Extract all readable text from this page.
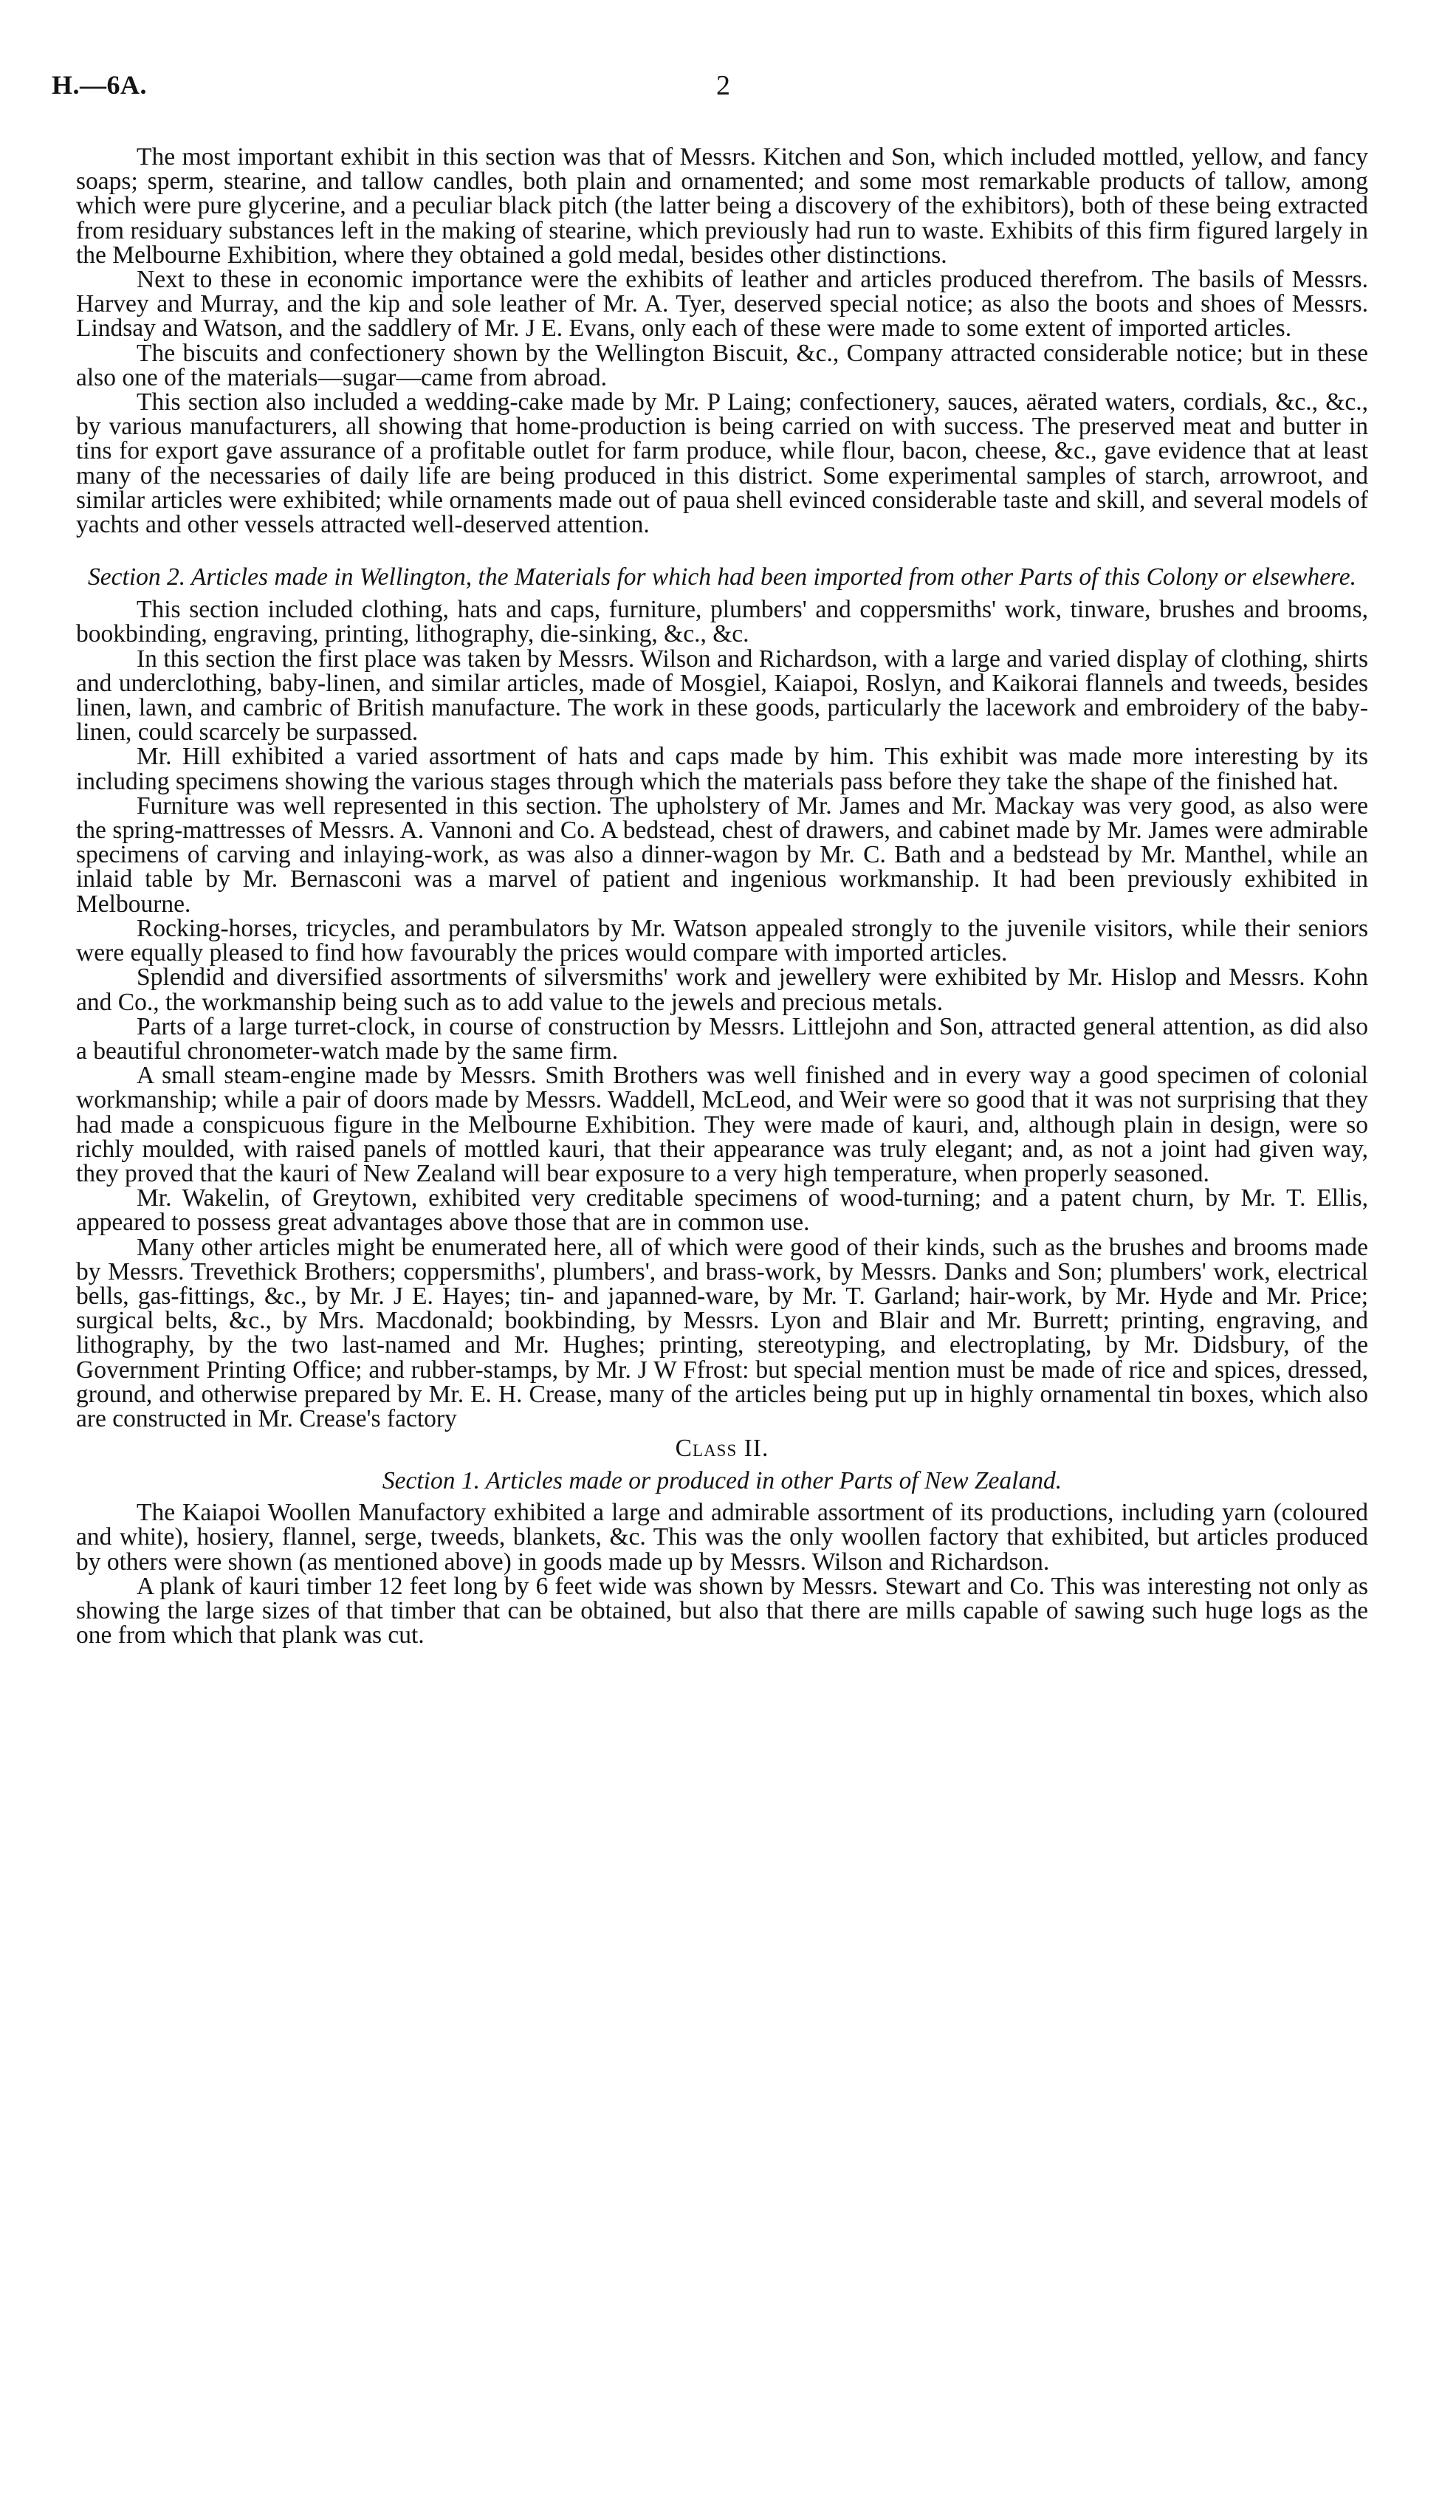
H.—6A.	2

The most important exhibit in this section was that of Messrs. Kitchen and Son, which included mottled, yellow, and fancy soaps; sperm, stearine, and tallow candles, both plain and ornamented; and some most remarkable products of tallow, among which were pure glycerine, and a peculiar black pitch (the latter being a discovery of the exhibitors), both of these being extracted from residuary substances left in the making of stearine, which previously had run to waste. Exhibits of this firm figured largely in the Melbourne Exhibition, where they obtained a gold medal, besides other distinctions.

Next to these in economic importance were the exhibits of leather and articles produced therefrom. The basils of Messrs. Harvey and Murray, and the kip and sole leather of Mr. A. Tyer, deserved special notice; as also the boots and shoes of Messrs. Lindsay and Watson, and the saddlery of Mr. J E. Evans, only each of these were made to some extent of imported articles.

The biscuits and confectionery shown by the Wellington Biscuit, &c., Company attracted considerable notice; but in these also one of the materials—sugar—came from abroad.

This section also included a wedding-cake made by Mr. P Laing; confectionery, sauces, aërated waters, cordials, &c., &c., by various manufacturers, all showing that home-production is being carried on with success. The preserved meat and butter in tins for export gave assurance of a profitable outlet for farm produce, while flour, bacon, cheese, &c., gave evidence that at least many of the necessaries of daily life are being produced in this district. Some experimental samples of starch, arrowroot, and similar articles were exhibited; while ornaments made out of paua shell evinced considerable taste and skill, and several models of yachts and other vessels attracted well-deserved attention.

Section 2. Articles made in Wellington, the Materials for which had been imported from other Parts of this Colony or elsewhere.

This section included clothing, hats and caps, furniture, plumbers' and coppersmiths' work, tinware, brushes and brooms, bookbinding, engraving, printing, lithography, die-sinking, &c., &c.

In this section the first place was taken by Messrs. Wilson and Richardson, with a large and varied display of clothing, shirts and underclothing, baby-linen, and similar articles, made of Mosgiel, Kaiapoi, Roslyn, and Kaikorai flannels and tweeds, besides linen, lawn, and cambric of British manufacture. The work in these goods, particularly the lacework and embroidery of the baby-linen, could scarcely be surpassed.

Mr. Hill exhibited a varied assortment of hats and caps made by him. This exhibit was made more interesting by its including specimens showing the various stages through which the materials pass before they take the shape of the finished hat.

Furniture was well represented in this section. The upholstery of Mr. James and Mr. Mackay was very good, as also were the spring-mattresses of Messrs. A. Vannoni and Co. A bedstead, chest of drawers, and cabinet made by Mr. James were admirable specimens of carving and inlaying-work, as was also a dinner-wagon by Mr. C. Bath and a bedstead by Mr. Manthel, while an inlaid table by Mr. Bernasconi was a marvel of patient and ingenious workmanship. It had been previously exhibited in Melbourne.

Rocking-horses, tricycles, and perambulators by Mr. Watson appealed strongly to the juvenile visitors, while their seniors were equally pleased to find how favourably the prices would compare with imported articles.

Splendid and diversified assortments of silversmiths' work and jewellery were exhibited by Mr. Hislop and Messrs. Kohn and Co., the workmanship being such as to add value to the jewels and precious metals.

Parts of a large turret-clock, in course of construction by Messrs. Littlejohn and Son, attracted general attention, as did also a beautiful chronometer-watch made by the same firm.

A small steam-engine made by Messrs. Smith Brothers was well finished and in every way a good specimen of colonial workmanship; while a pair of doors made by Messrs. Waddell, McLeod, and Weir were so good that it was not surprising that they had made a conspicuous figure in the Melbourne Exhibition. They were made of kauri, and, although plain in design, were so richly moulded, with raised panels of mottled kauri, that their appearance was truly elegant; and, as not a joint had given way, they proved that the kauri of New Zealand will bear exposure to a very high temperature, when properly seasoned.

Mr. Wakelin, of Greytown, exhibited very creditable specimens of wood-turning; and a patent churn, by Mr. T. Ellis, appeared to possess great advantages above those that are in common use.

Many other articles might be enumerated here, all of which were good of their kinds, such as the brushes and brooms made by Messrs. Trevethick Brothers; coppersmiths', plumbers', and brass-work, by Messrs. Danks and Son; plumbers' work, electrical bells, gas-fittings, &c., by Mr. J E. Hayes; tin- and japanned-ware, by Mr. T. Garland; hair-work, by Mr. Hyde and Mr. Price; surgical belts, &c., by Mrs. Macdonald; bookbinding, by Messrs. Lyon and Blair and Mr. Burrett; printing, engraving, and lithography, by the two last-named and Mr. Hughes; printing, stereotyping, and electroplating, by Mr. Didsbury, of the Government Printing Office; and rubber-stamps, by Mr. J W Ffrost: but special mention must be made of rice and spices, dressed, ground, and otherwise prepared by Mr. E. H. Crease, many of the articles being put up in highly ornamental tin boxes, which also are constructed in Mr. Crease's factory

Class II.
Section 1. Articles made or produced in other Parts of New Zealand.

The Kaiapoi Woollen Manufactory exhibited a large and admirable assortment of its productions, including yarn (coloured and white), hosiery, flannel, serge, tweeds, blankets, &c. This was the only woollen factory that exhibited, but articles produced by others were shown (as mentioned above) in goods made up by Messrs. Wilson and Richardson.

A plank of kauri timber 12 feet long by 6 feet wide was shown by Messrs. Stewart and Co. This was interesting not only as showing the large sizes of that timber that can be obtained, but also that there are mills capable of sawing such huge logs as the one from which that plank was cut.
